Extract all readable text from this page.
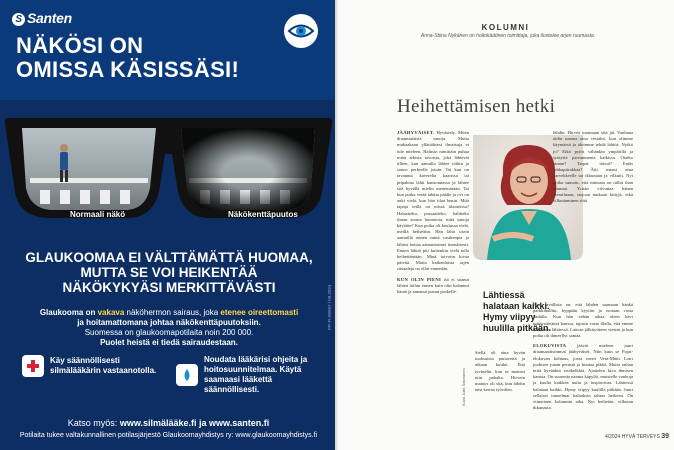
S Santen
NÄKÖSI ON
OMISSA KÄSISSÄSI!
Normaali näkö	Näkökenttäpuutos
GLAUKOOMAA EI VÄLTTÄMÄTTÄ HUOMAA,
MUTTA SE VOI HEIKENTÄÄ
NÄKÖKYKYÄSI MERKITTÄVÄSTI
Glaukooma on vakava näköhermon sairaus, joka etenee oireettomasti
ja hoitamattomana johtaa näkökenttäpuutoksiin.
Suomessa on glaukoomapotilaita noin 200 000.
Puolet heistä ei tiedä sairaudestaan.
Käy säännöllisesti silmälääkärin vastaanotolla.
Noudata lääkärisi ohjeita ja hoitosuunnitelmaa. Käytä saamaasi lääkettä säännöllisesti.
Katso myös: www.silmälääke.fi ja www.santen.fi
Potilaita tukee valtakunnallinen potilasjärjestö Glaukoomayhdistys ry: www.glaukoomayhdistys.fi
PP-FI-00997 / 09.2024
KOLUMNI
Anna-Stiina Nykänen on hoitokäätinen toimittaja, joka ilostelee arjen ruumasta.
Heihettämisen hetki
JÄÄHYVÄISET. Hyvästely. Miten draamaattisia sanoja. Mutta mukaakaan yllättäksesi ilmaisuja ei tule mieleen. Halusin nimittäin puhua minä arkista tavoista, joka lähtevät tilhen, kun aamulla lähtee töihin ja sanoo perheelle jotain. Tai kun on tavannut kaverelta kaarissa tai piipahtaa lähti kansonnassa ja lähtee sitä hyvällä mielin meneminään. Tai kun poika vetää takkia päälle ja ovi on auki vielä, kun hän tilaa hnsin. Mitä tapoja teillä on niissä tilanteissa? Halaatteko, pussaatteko, halitteko ilman suurta huomiota, mitä sanoja käytätte? Kun poika oli koulussa vielä, meillä heihettiin. Hän lähti usein aamuilla ennen minä vastkenpia ja lähtisi hoitaa aamuntoimet itsenäisesti. Ennen lähtiä piti kuitenkin vielä tulla heihettämään. Minä toivotin kivaa päivää. Mutta kaikenlaisia arjen rituaaleja on ollut ennenkin.
KUN OLIN PIENI isä ei saanut lähteä töihin ennen kuin olin halannut häntä ja annanut pusun poskelle.	Lähtiessä
halataan kaikki.
Hymy viipyy
huulilla pitkään.
Siellä oli aina hyvän tuoksuista partavettä ja aikaan kuului. Että tyvinelin. kun se mainisi niin pahalta. Hirvein mainos oli sitä, kun lähdin ensi kertaa työvälen.
Kuva Julia Saloranen
lähdin. Hirveä traumaan sitä jäi. Vanhana äidin naama aina vestähti, kun olimme käymässä ja aloimme tehdä lähtöä. Nytkö jo? Eikö pyöri vähänkin ympärillä ja syötyttä paivanmenta kaikissa. Otatko tämän? Tarpat tötssä? Entäs rahkapiirakkaa? Äiti mensi aina parvekkeelle tai ikkunaan ja vilkutti. Nyt poika samoin, että minusta on tullut ihan mummi. Yritän vilvuttaa hänen vierailuaan, tarjoan mukaan kittyjä, eikä vilkuttaminen riitä.
Ihan tavallista on, että lähden saamaan hänkä parkkihalliin, hyppään kyytiin ja erotaan vasta kadulla. Kun hän vähän aikaa oleen kävi tyttöystävänsä kanssa, tajusin vasta illalla, että emme halanneet lähtiessä. Laitoin jälkityttteen viestin ja kun poika oli ihmeellyt samaa.
ELOKUVISTA jäävät mieleen juuri draamaattisimmat jäähyväiset. Niin kuin se Pojat-elokuvan kohtaus, jossa merit Vesa-Matti Loiri juokisee junan perästä ja huutaa pikkä. Mutta onhan niitä hyvääkin erotkelkkiä. Ajattelen kiva ihmisen kanssa. On suurenta naama käpylät, muistelle vanhoja ja kuulta kaikkea uutta ja inspiroivaa. Lähtiessä halataan kaikki. Hymy viipyy kuulilla pitkään. Juuri sellaiset tunnelmat halauksin tahtaa heikeen. On viimeinen kolumnin aika. Nyt heihetän, vilkutan ikkunasta.
4/2024 HYVÄ TERVEYS 39
